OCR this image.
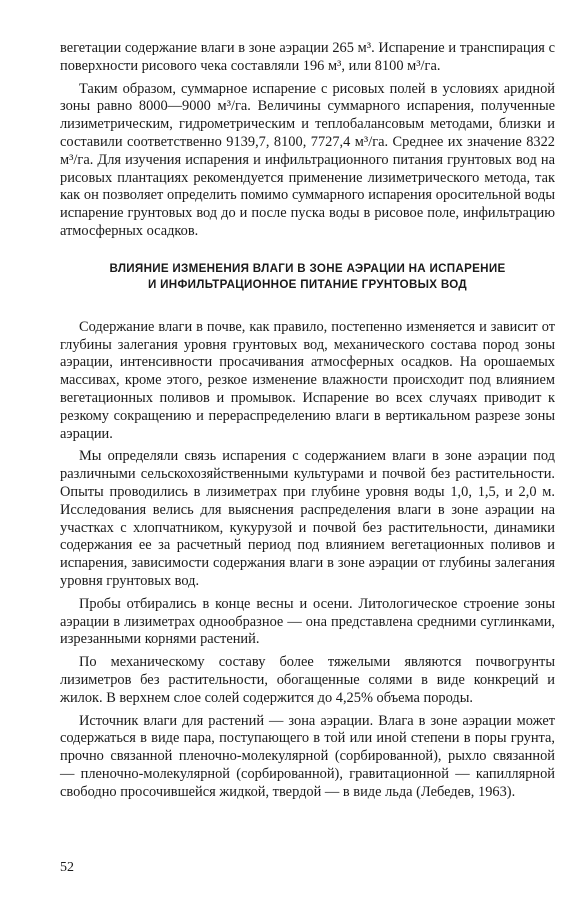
вегетации содержание влаги в зоне аэрации 265 м³. Испарение и транспирация с поверхности рисового чека составляли 196 м³, или 8100 м³/га.

Таким образом, суммарное испарение с рисовых полей в условиях аридной зоны равно 8000—9000 м³/га. Величины суммарного испарения, полученные лизиметрическим, гидрометрическим и теплобалансовым методами, близки и составили соответственно 9139,7, 8100, 7727,4 м³/га. Среднее их значение 8322 м³/га. Для изучения испарения и инфильтрационного питания грунтовых вод на рисовых плантациях рекомендуется применение лизиметрического метода, так как он позволяет определить помимо суммарного испарения оросительной воды испарение грунтовых вод до и после пуска воды в рисовое поле, инфильтрацию атмосферных осадков.

ВЛИЯНИЕ ИЗМЕНЕНИЯ ВЛАГИ В ЗОНЕ АЭРАЦИИ НА ИСПАРЕНИЕ
И ИНФИЛЬТРАЦИОННОЕ ПИТАНИЕ ГРУНТОВЫХ ВОД

Содержание влаги в почве, как правило, постепенно изменяется и зависит от глубины залегания уровня грунтовых вод, механического состава пород зоны аэрации, интенсивности просачивания атмосферных осадков. На орошаемых массивах, кроме этого, резкое изменение влажности происходит под влиянием вегетационных поливов и промывок. Испарение во всех случаях приводит к резкому сокращению и перераспределению влаги в вертикальном разрезе зоны аэрации.

Мы определяли связь испарения с содержанием влаги в зоне аэрации под различными сельскохозяйственными культурами и почвой без растительности. Опыты проводились в лизиметрах при глубине уровня воды 1,0, 1,5, и 2,0 м. Исследования велись для выяснения распределения влаги в зоне аэрации на участках с хлопчатником, кукурузой и почвой без растительности, динамики содержания ее за расчетный период под влиянием вегетационных поливов и испарения, зависимости содержания влаги в зоне аэрации от глубины залегания уровня грунтовых вод.

Пробы отбирались в конце весны и осени. Литологическое строение зоны аэрации в лизиметрах однообразное — она представлена средними суглинками, изрезанными корнями растений.

По механическому составу более тяжелыми являются почвогрунты лизиметров без растительности, обогащенные солями в виде конкреций и жилок. В верхнем слое солей содержится до 4,25% объема породы.

Источник влаги для растений — зона аэрации. Влага в зоне аэрации может содержаться в виде пара, поступающего в той или иной степени в поры грунта, прочно связанной пленочно-молекулярной (сорбированной), рыхло связанной — пленочно-молекулярной (сорбированной), гравитационной — капиллярной свободно просочившейся жидкой, твердой — в виде льда (Лебедев, 1963).

52
